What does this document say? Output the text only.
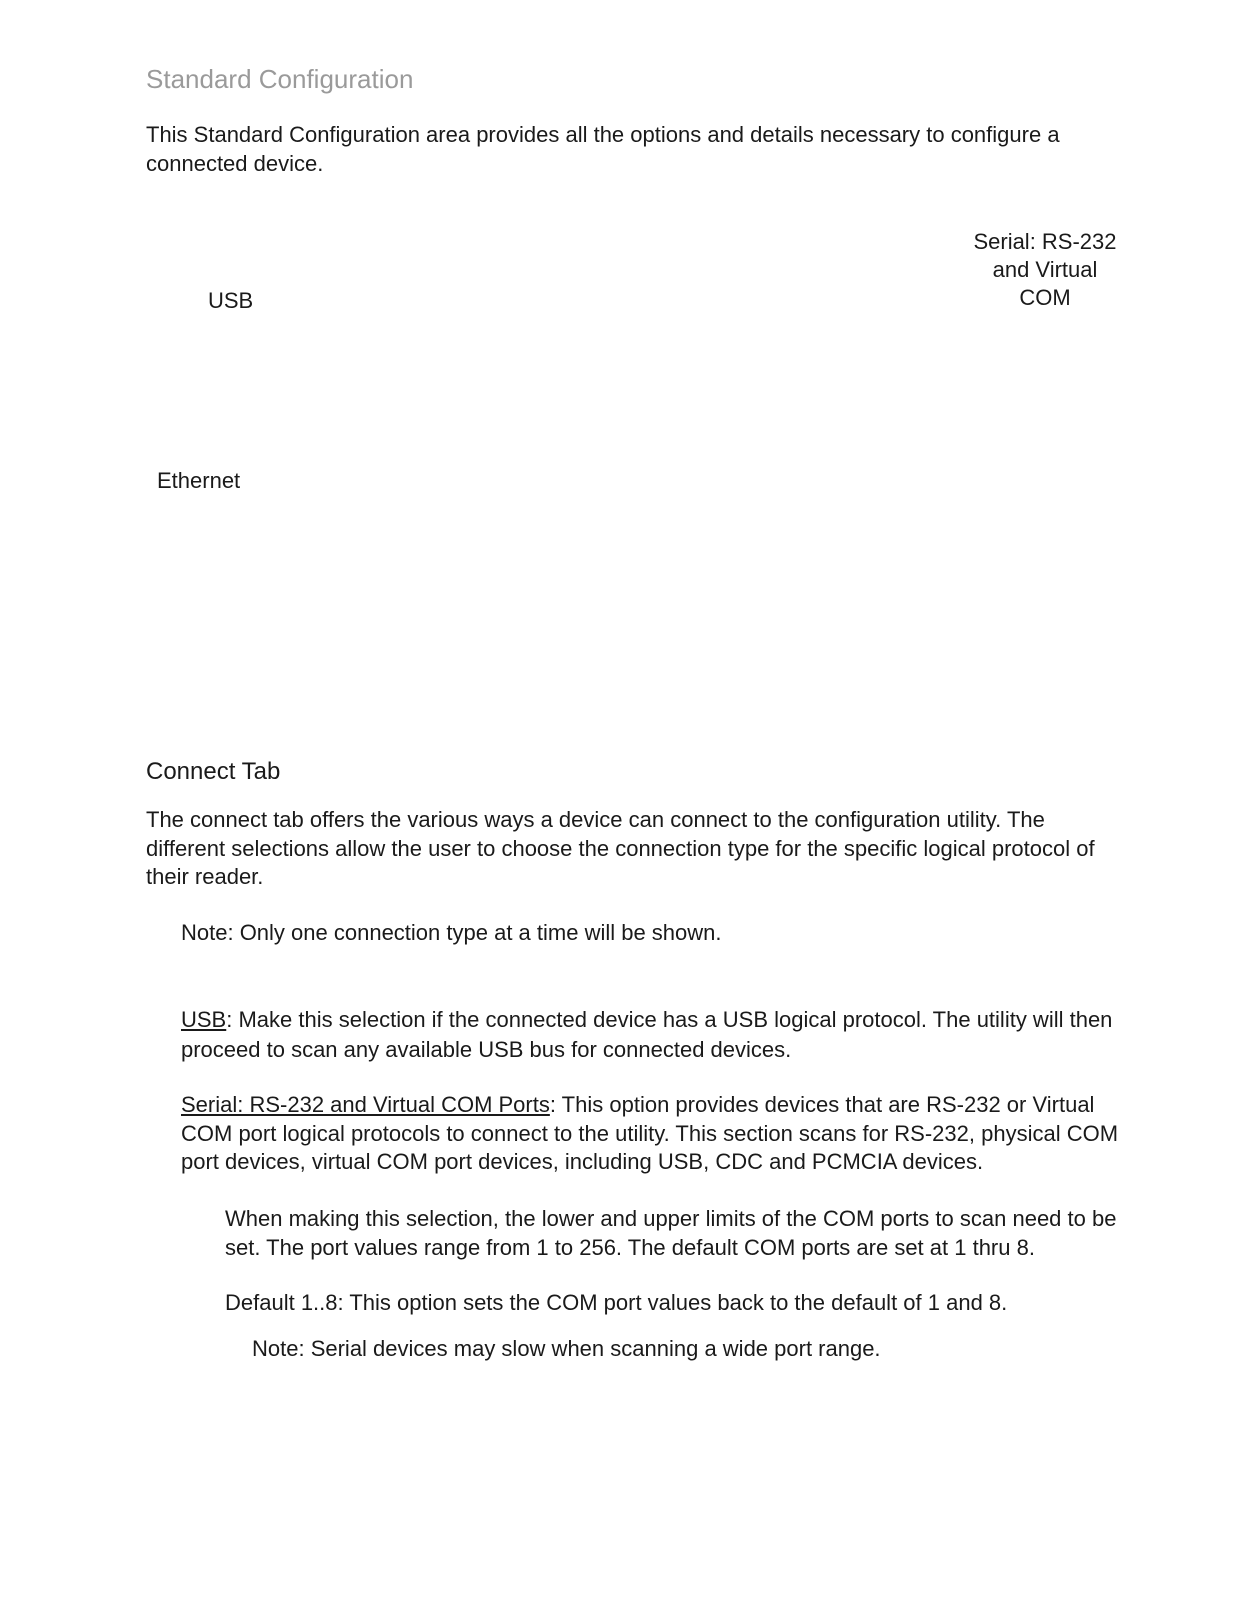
Standard Configuration
This Standard Configuration area provides all the options and details necessary to configure a connected device.
USB
Serial: RS-232
and Virtual
COM
Ethernet
Connect Tab
The connect tab offers the various ways a device can connect to the configuration utility. The different selections allow the user to choose the connection type for the specific logical protocol of their reader.
Note: Only one connection type at a time will be shown.
USB: Make this selection if the connected device has a USB logical protocol. The utility will then proceed to scan any available USB bus for connected devices.
Serial: RS-232 and Virtual COM Ports: This option provides devices that are RS-232 or Virtual COM port logical protocols to connect to the utility. This section scans for RS-232, physical COM port devices, virtual COM port devices, including USB, CDC and PCMCIA devices.
When making this selection, the lower and upper limits of the COM ports to scan need to be set. The port values range from 1 to 256. The default COM ports are set at 1 thru 8.
Default 1..8: This option sets the COM port values back to the default of 1 and 8.
Note: Serial devices may slow when scanning a wide port range.
